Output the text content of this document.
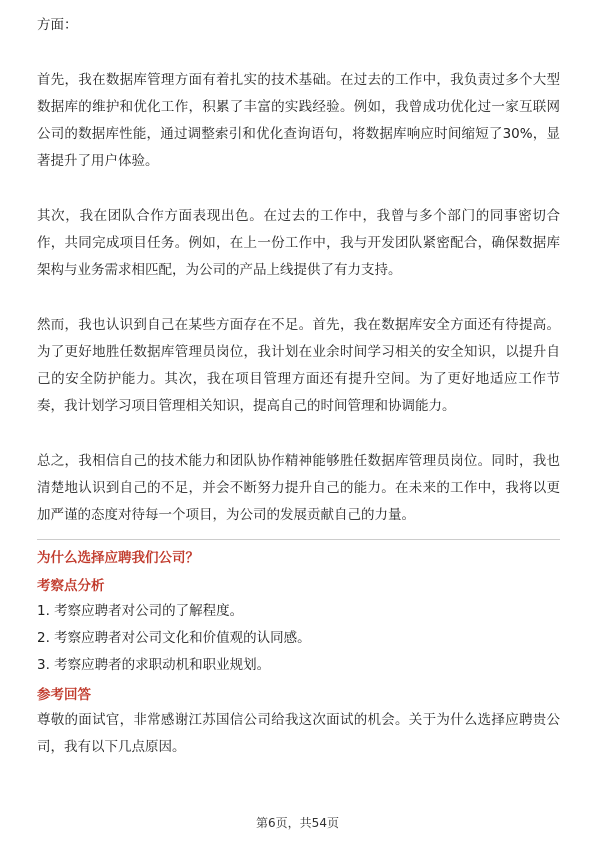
方面：

首先，我在数据库管理方面有着扎实的技术基础。在过去的工作中，我负责过多个大型数据库的维护和优化工作，积累了丰富的实践经验。例如，我曾成功优化过一家互联网公司的数据库性能，通过调整索引和优化查询语句，将数据库响应时间缩短了30%，显著提升了用户体验。

其次，我在团队合作方面表现出色。在过去的工作中，我曾与多个部门的同事密切合作，共同完成项目任务。例如，在上一份工作中，我与开发团队紧密配合，确保数据库架构与业务需求相匹配，为公司的产品上线提供了有力支持。

然而，我也认识到自己在某些方面存在不足。首先，我在数据库安全方面还有待提高。为了更好地胜任数据库管理员岗位，我计划在业余时间学习相关的安全知识，以提升自己的安全防护能力。其次，我在项目管理方面还有提升空间。为了更好地适应工作节奏，我计划学习项目管理相关知识，提高自己的时间管理和协调能力。

总之，我相信自己的技术能力和团队协作精神能够胜任数据库管理员岗位。同时，我也清楚地认识到自己的不足，并会不断努力提升自己的能力。在未来的工作中，我将以更加严谨的态度对待每一个项目，为公司的发展贡献自己的力量。

为什么选择应聘我们公司？
考察点分析
1. 考察应聘者对公司的了解程度。
2. 考察应聘者对公司文化和价值观的认同感。
3. 考察应聘者的求职动机和职业规划。
参考回答

尊敬的面试官，非常感谢江苏国信公司给我这次面试的机会。关于为什么选择应聘贵公司，我有以下几点原因。

第6页，共54页
